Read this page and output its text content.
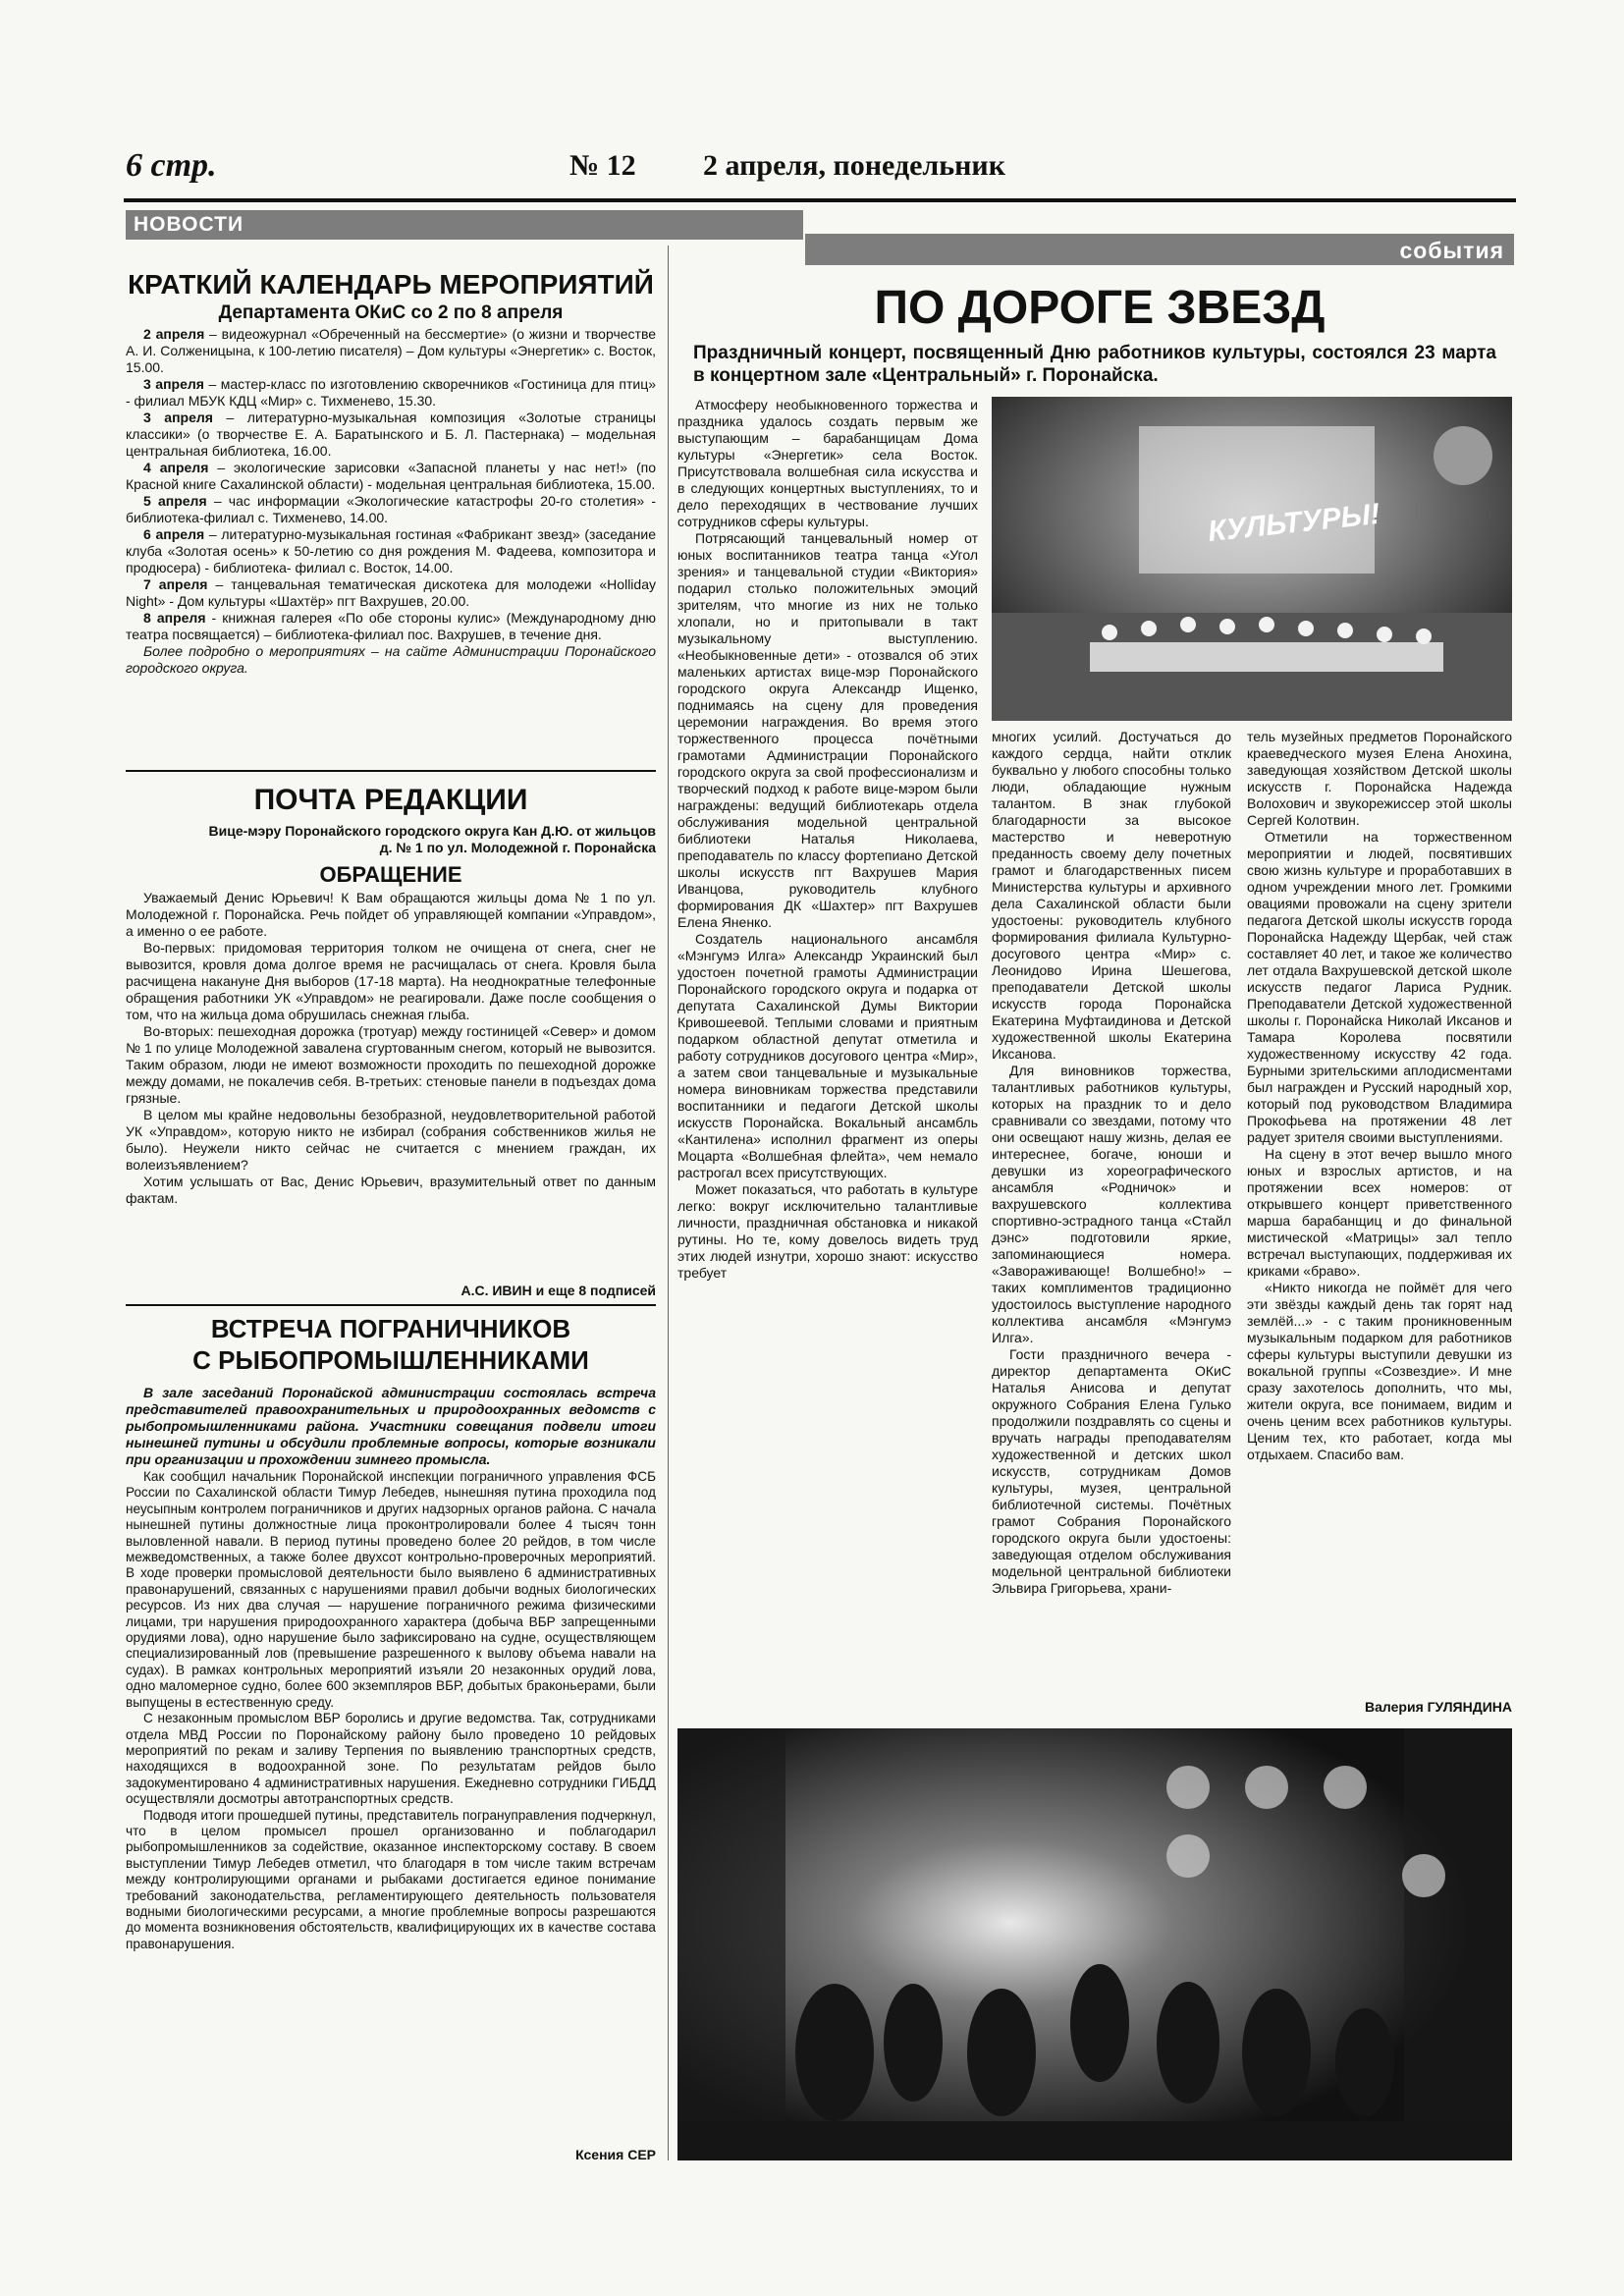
6 стр.	№ 12 2 апреля, понедельник
НОВОСТИ
события
КРАТКИЙ КАЛЕНДАРЬ МЕРОПРИЯТИЙ
Департамента ОКиС со 2 по 8 апреля

2 апреля – видеожурнал «Обреченный на бессмертие» (о жизни и творчестве А. И. Солженицына, к 100-летию писателя) – Дом культуры «Энергетик» с. Восток, 15.00.

3 апреля – мастер-класс по изготовлению скворечников «Гостиница для птиц» - филиал МБУК КДЦ «Мир» с. Тихменево, 15.30.

3 апреля – литературно-музыкальная композиция «Золотые страницы классики» (о творчестве Е. А. Баратынского и Б. Л. Пастернака) – модельная центральная библиотека, 16.00.

4 апреля – экологические зарисовки «Запасной планеты у нас нет!» (по Красной книге Сахалинской области) - модельная центральная библиотека, 15.00.

5 апреля – час информации «Экологические катастрофы 20-го столетия» - библиотека-филиал с. Тихменево, 14.00.

6 апреля – литературно-музыкальная гостиная «Фабрикант звезд» (заседание клуба «Золотая осень» к 50-летию со дня рождения М. Фадеева, композитора и продюсера) - библиотека- филиал с. Восток, 14.00.

7 апреля – танцевальная тематическая дискотека для молодежи «Holliday Night» - Дом культуры «Шахтёр» пгт Вахрушев, 20.00.

8 апреля - книжная галерея «По обе стороны кулис» (Международному дню театра посвящается) – библиотека-филиал пос. Вахрушев, в течение дня.

Более подробно о мероприятиях – на сайте Администрации Поронайского городского округа.

ПОЧТА РЕДАКЦИИ
Вице-мэру Поронайского городского округа Кан Д.Ю. от жильцов д. № 1 по ул. Молодежной г. Поронайска
ОБРАЩЕНИЕ

Уважаемый Денис Юрьевич! К Вам обращаются жильцы дома № 1 по ул. Молодежной г. Поронайска. Речь пойдет об управляющей компании «Управдом», а именно о ее работе.

Во-первых: придомовая территория толком не очищена от снега, снег не вывозится, кровля дома долгое время не расчищалась от снега. Кровля была расчищена накануне Дня выборов (17-18 марта). На неоднократные телефонные обращения работники УК «Управдом» не реагировали. Даже после сообщения о том, что на жильца дома обрушилась снежная глыба.

Во-вторых: пешеходная дорожка (тротуар) между гостиницей «Север» и домом № 1 по улице Молодежной завалена сгуртованным снегом, который не вывозится. Таким образом, люди не имеют возможности проходить по пешеходной дорожке между домами, не покалечив себя. В-третьих: стеновые панели в подъездах дома грязные.

В целом мы крайне недовольны безобразной, неудовлетворительной работой УК «Управдом», которую никто не избирал (собрания собственников жилья не было). Неужели никто сейчас не считается с мнением граждан, их волеизъявлением?

Хотим услышать от Вас, Денис Юрьевич, вразумительный ответ по данным фактам.

А.С. ИВИН и еще 8 подписей
ВСТРЕЧА ПОГРАНИЧНИКОВ
С РЫБОПРОМЫШЛЕННИКАМИ
В зале заседаний Поронайской администрации состоялась встреча представителей правоохранительных и природоохранных ведомств с рыбопромышленниками района. Участники совещания подвели итоги нынешней путины и обсудили проблемные вопросы, которые возникали при организации и прохождении зимнего промысла.

Как сообщил начальник Поронайской инспекции пограничного управления ФСБ России по Сахалинской области Тимур Лебедев, нынешняя путина проходила под неусыпным контролем пограничников и других надзорных органов района. С начала нынешней путины должностные лица проконтролировали более 4 тысяч тонн выловленной навали. В период путины проведено более 20 рейдов, в том числе межведомственных, а также более двухсот контрольно-проверочных мероприятий. В ходе проверки промысловой деятельности было выявлено 6 административных правонарушений, связанных с нарушениями правил добычи водных биологических ресурсов. Из них два случая — нарушение пограничного режима физическими лицами, три нарушения природоохранного характера (добыча ВБР запрещенными орудиями лова), одно нарушение было зафиксировано на судне, осуществляющем специализированный лов (превышение разрешенного к вылову объема навали на судах). В рамках контрольных мероприятий изъяли 20 незаконных орудий лова, одно маломерное судно, более 600 экземпляров ВБР, добытых браконьерами, были выпущены в естественную среду.

С незаконным промыслом ВБР боролись и другие ведомства. Так, сотрудниками отдела МВД России по Поронайскому району было проведено 10 рейдовых мероприятий по рекам и заливу Терпения по выявлению транспортных средств, находящихся в водоохранной зоне. По результатам рейдов было задокументировано 4 административных нарушения. Ежедневно сотрудники ГИБДД осуществляли досмотры автотранспортных средств.

Подводя итоги прошедшей путины, представитель погрануправления подчеркнул, что в целом промысел прошел организованно и поблагодарил рыбопромышленников за содействие, оказанное инспекторскому составу. В своем выступлении Тимур Лебедев отметил, что благодаря в том числе таким встречам между контролирующими органами и рыбаками достигается единое понимание требований законодательства, регламентирующего деятельность пользователя водными биологическими ресурсами, а многие проблемные вопросы разрешаются до момента возникновения обстоятельств, квалифицирующих их в качестве состава правонарушения.

Ксения СЕР
ПО ДОРОГЕ ЗВЕЗД
Праздничный концерт, посвященный Дню работников культуры, состоялся 23 марта в концертном зале «Центральный» г. Поронайска.
КУЛЬТУРЫ!

Атмосферу необыкновенного торжества и праздника удалось создать первым же выступающим – барабанщицам Дома культуры «Энергетик» села Восток. Присутствовала волшебная сила искусства и в следующих концертных выступлениях, то и дело переходящих в чествование лучших сотрудников сферы культуры.

Потрясающий танцевальный номер от юных воспитанников театра танца «Угол зрения» и танцевальной студии «Виктория» подарил столько положительных эмоций зрителям, что многие из них не только хлопали, но и притопывали в такт музыкальному выступлению. «Необыкновенные дети» - отозвался об этих маленьких артистах вице-мэр Поронайского городского округа Александр Ищенко, поднимаясь на сцену для проведения церемонии награждения. Во время этого торжественного процесса почётными грамотами Администрации Поронайского городского округа за свой профессионализм и творческий подход к работе вице-мэром были награждены: ведущий библиотекарь отдела обслуживания модельной центральной библиотеки Наталья Николаева, преподаватель по классу фортепиано Детской школы искусств пгт Вахрушев Мария Иванцова, руководитель клубного формирования ДК «Шахтер» пгт Вахрушев Елена Яненко.

Создатель национального ансамбля «Мэнгумэ Илга» Александр Украинский был удостоен почетной грамоты Администрации Поронайского городского округа и подарка от депутата Сахалинской Думы Виктории Кривошеевой. Теплыми словами и приятным подарком областной депутат отметила и работу сотрудников досугового центра «Мир», а затем свои танцевальные и музыкальные номера виновникам торжества представили воспитанники и педагоги Детской школы искусств Поронайска. Вокальный ансамбль «Кантилена» исполнил фрагмент из оперы Моцарта «Волшебная флейта», чем немало растрогал всех присутствующих.

Может показаться, что работать в культуре легко: вокруг исключительно талантливые личности, праздничная обстановка и никакой рутины. Но те, кому довелось видеть труд этих людей изнутри, хорошо знают: искусство требует

многих усилий. Достучаться до каждого сердца, найти отклик буквально у любого способны только люди, обладающие нужным талантом. В знак глубокой благодарности за высокое мастерство и неверотную преданность своему делу почетных грамот и благодарственных писем Министерства культуры и архивного дела Сахалинской области были удостоены: руководитель клубного формирования филиала Культурно-досугового центра «Мир» с. Леонидово Ирина Шешегова, преподаватели Детской школы искусств города Поронайска Екатерина Муфтаидинова и Детской художественной школы Екатерина Иксанова.

Для виновников торжества, талантливых работников культуры, которых на праздник то и дело сравнивали со звездами, потому что они освещают нашу жизнь, делая ее интереснее, богаче, юноши и девушки из хореографического ансамбля «Родничок» и вахрушевского коллектива спортивно-эстрадного танца «Стайл дэнс» подготовили яркие, запоминающиеся номера. «Завораживающе! Волшебно!» – таких комплиментов традиционно удостоилось выступление народного коллектива ансамбля «Мэнгумэ Илга».

Гости праздничного вечера - директор департамента ОКиС Наталья Анисова и депутат окружного Собрания Елена Гулько продолжили поздравлять со сцены и вручать награды преподавателям художественной и детских школ искусств, сотрудникам Домов культуры, музея, центральной библиотечной системы. Почётных грамот Собрания Поронайского городского округа были удостоены: заведующая отделом обслуживания модельной центральной библиотеки Эльвира Григорьева, храни-

тель музейных предметов Поронайского краеведческого музея Елена Анохина, заведующая хозяйством Детской школы искусств г. Поронайска Надежда Волохович и звукорежиссер этой школы Сергей Колотвин.

Отметили на торжественном мероприятии и людей, посвятивших свою жизнь культуре и проработавших в одном учреждении много лет. Громкими овациями провожали на сцену зрители педагога Детской школы искусств города Поронайска Надежду Щербак, чей стаж составляет 40 лет, и такое же количество лет отдала Вахрушевской детской школе искусств педагог Лариса Рудник. Преподаватели Детской художественной школы г. Поронайска Николай Иксанов и Тамара Королева посвятили художественному искусству 42 года. Бурными зрительскими аплодисментами был награжден и Русский народный хор, который под руководством Владимира Прокофьева на протяжении 48 лет радует зрителя своими выступлениями.

На сцену в этот вечер вышло много юных и взрослых артистов, и на протяжении всех номеров: от открывшего концерт приветственного марша барабанщиц и до финальной мистической «Матрицы» зал тепло встречал выступающих, поддерживая их криками «браво».

«Никто никогда не поймёт для чего эти звёзды каждый день так горят над землёй...» - с таким проникновенным музыкальным подарком для работников сферы культуры выступили девушки из вокальной группы «Созвездие». И мне сразу захотелось дополнить, что мы, жители округа, все понимаем, видим и очень ценим всех работников культуры. Ценим тех, кто работает, когда мы отдыхаем. Спасибо вам.

Валерия ГУЛЯНДИНА
